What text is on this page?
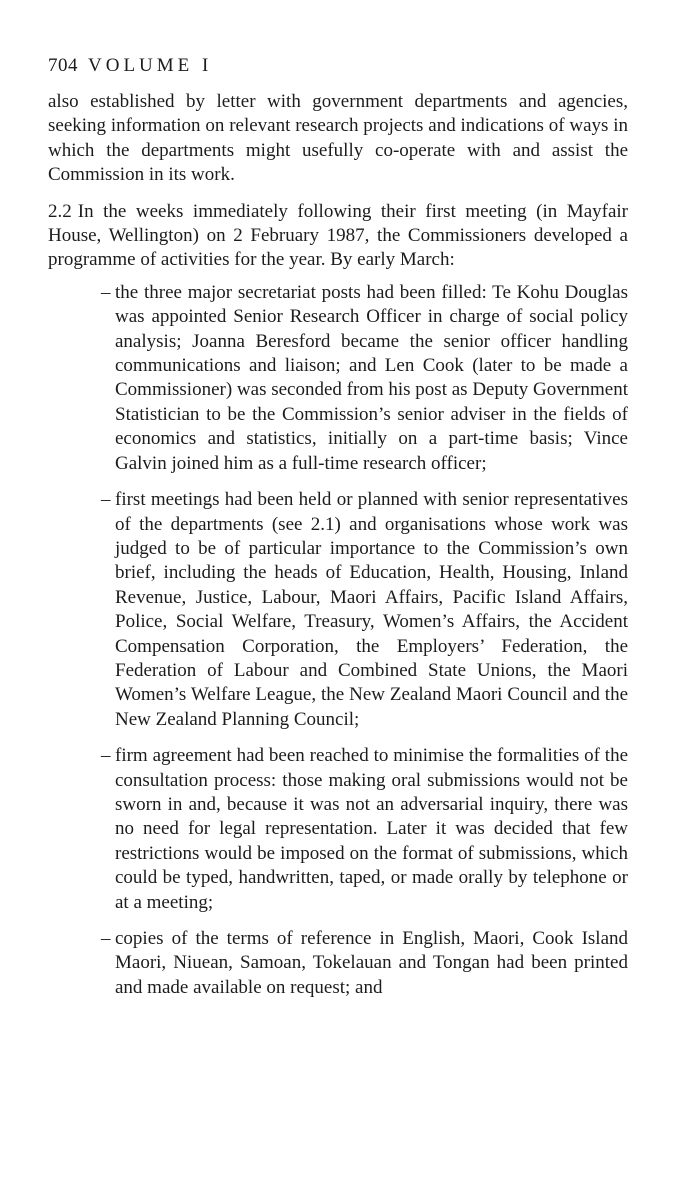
704 VOLUME I

also established by letter with government departments and agencies, seeking information on relevant research projects and indications of ways in which the departments might usefully co-operate with and assist the Commission in its work.

2.2 In the weeks immediately following their first meeting (in Mayfair House, Wellington) on 2 February 1987, the Commissioners developed a programme of activities for the year. By early March:

– the three major secretariat posts had been filled: Te Kohu Douglas was appointed Senior Research Officer in charge of social policy analysis; Joanna Beresford became the senior officer handling communications and liaison; and Len Cook (later to be made a Commissioner) was seconded from his post as Deputy Government Statistician to be the Commission’s senior adviser in the fields of economics and statistics, initially on a part-time basis; Vince Galvin joined him as a full-time research officer;
– first meetings had been held or planned with senior representatives of the departments (see 2.1) and organisations whose work was judged to be of particular importance to the Commission’s own brief, including the heads of Education, Health, Housing, Inland Revenue, Justice, Labour, Maori Affairs, Pacific Island Affairs, Police, Social Welfare, Treasury, Women’s Affairs, the Accident Compensation Corporation, the Employers’ Federation, the Federation of Labour and Combined State Unions, the Maori Women’s Welfare League, the New Zealand Maori Council and the New Zealand Planning Council;
– firm agreement had been reached to minimise the formalities of the consultation process: those making oral submissions would not be sworn in and, because it was not an adversarial inquiry, there was no need for legal representation. Later it was decided that few restrictions would be imposed on the format of submissions, which could be typed, handwritten, taped, or made orally by telephone or at a meeting;
– copies of the terms of reference in English, Maori, Cook Island Maori, Niuean, Samoan, Tokelauan and Tongan had been printed and made available on request; and
